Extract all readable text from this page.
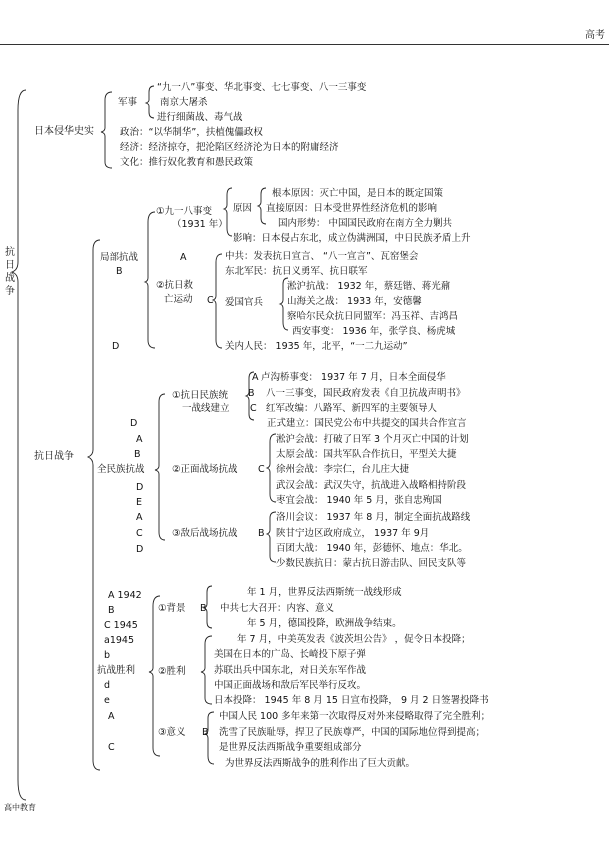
高考
抗
日
战
争
日本侵华史实
军事
“九一八”事变、华北事变、七七事变、八一三事变
南京大屠杀
进行细菌战、毒气战
政治：“以华制华”，扶植傀儡政权
经济：经济掠夺，把沦陷区经济沦为日本的附庸经济
文化：推行奴化教育和愚民政策
抗日战争
局部抗战
B
D
①九一八事变
（1931 年）
A
原因
根本原因：灭亡中国，是日本的既定国策
直接原因：日本受世界性经济危机的影响
国内形势： 中国国民政府在南方全力剿共
影响：日本侵占东北，成立伪满洲国，中日民族矛盾上升
②抗日救
亡运动 C
中共：发表抗日宣言、 “八一宣言”、瓦窑堡会
东北军民：抗日义勇军、抗日联军
爱国官兵
淞沪抗战： 1932 年，蔡廷锴、蒋光鼐
山海关之战： 1933 年，安德馨
察哈尔民众抗日同盟军：冯玉祥、吉鸿昌
西安事变： 1936 年，张学良、杨虎城
关内人民： 1935 年，北平，“一二九运动”
D
A
B
全民族抗战
D
E
A
C
D
①抗日民族统
一战线建立
A 卢沟桥事变： 1937 年 7 月，日本全面侵华
B 八一三事变，国民政府发表《自卫抗战声明书》
C 红军改编：八路军、新四军的主要领导人
正式建立：国民党公布中共提交的国共合作宣言
②正面战场抗战 C
淞沪会战：打破了日军 3 个月灭亡中国的计划
太原会战：国共军队合作抗日，平型关大捷
徐州会战：李宗仁，台儿庄大捷
武汉会战：武汉失守，抗战进入战略相持阶段
枣宜会战： 1940 年 5 月，张自忠殉国
③敌后战场抗战 B
洛川会议： 1937 年 8 月，制定全面抗战路线
陕甘宁边区政府成立， 1937 年 9月
百团大战： 1940 年，彭德怀、地点：华北。
少数民族抗日：蒙古抗日游击队、回民支队等
A 1942
B
C 1945
a1945
b
抗战胜利
d
e
A
C
①背景 B
年 1 月，世界反法西斯统一战线形成
中共七大召开：内容、意义
年 5 月，德国投降，欧洲战争结束。
②胜利
年 7 月，中美英发表《波茨坦公告》 ，促令日本投降；
美国在日本的广岛、长崎投下原子弹
苏联出兵中国东北，对日关东军作战
中国正面战场和敌后军民举行反攻。
日本投降： 1945 年 8 月 15 日宣布投降， 9 月 2 日签署投降书
③意义 B
中国人民 100 多年来第一次取得反对外来侵略取得了完全胜利；
洗雪了民族耻辱，捍卫了民族尊严，中国的国际地位得到提高；
是世界反法西斯战争重要组成部分
为世界反法西斯战争的胜利作出了巨大贡献。
高中教育
